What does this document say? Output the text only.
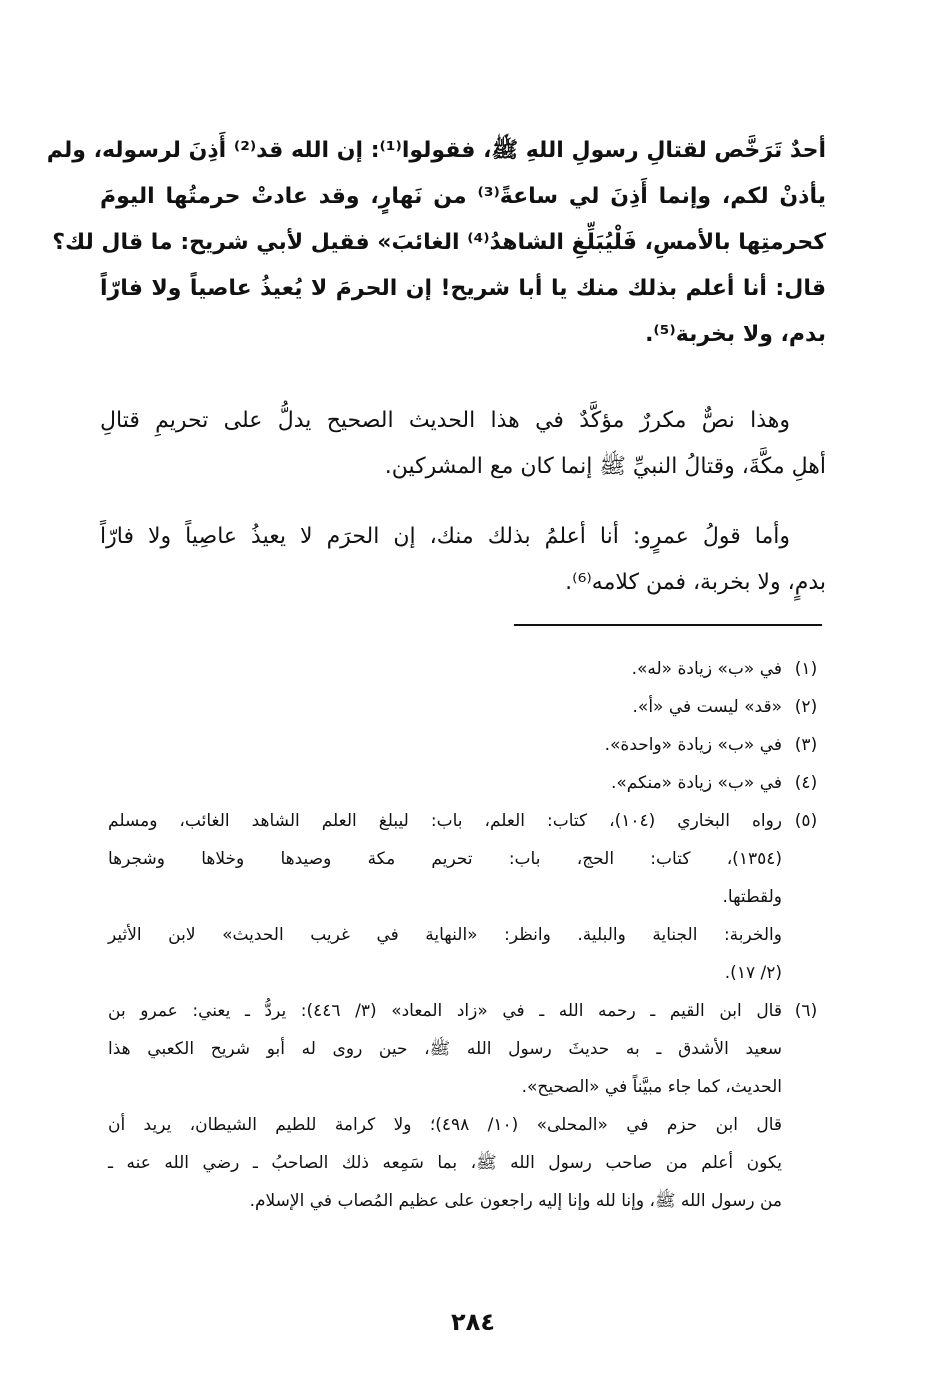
أحدٌ تَرَخَّص لقتالِ رسولِ اللهِ ﷺ، فقولوا⁽¹⁾: إن الله قد⁽²⁾ أَذِنَ لرسوله، ولم
يأذنْ لكم، وإنما أَذِنَ لي ساعةً⁽³⁾ من نَهارٍ، وقد عادتْ حرمتُها اليومَ
كحرمتِها بالأمسِ، فَلْيُبَلِّغِ الشاهدُ⁽⁴⁾ الغائبَ» فقيل لأبي شريح: ما قال لك؟
قال: أنا أعلم بذلك منك يا أبا شريح! إن الحرمَ لا يُعيذُ عاصياً ولا فارّاً
بدم، ولا بخربة⁽⁵⁾.
وهذا نصٌّ مكررٌ مؤكَّدٌ في هذا الحديث الصحيح يدلُّ على تحريمِ قتالِ
أهلِ مكَّةَ، وقتالُ النبيِّ ﷺ إنما كان مع المشركين.
وأما قولُ عمرٍو: أنا أعلمُ بذلك منك، إن الحرَم لا يعيذُ عاصِياً ولا فارّاً
بدمٍ، ولا بخربة، فمن كلامه⁽⁶⁾.
(١)
في «ب» زيادة «له».
(٢)
«قد» ليست في «أ».
(٣)
في «ب» زيادة «واحدة».
(٤)
في «ب» زيادة «منكم».
(٥)
رواه البخاري (١٠٤)، كتاب: العلم، باب: ليبلغ العلم الشاهد الغائب، ومسلم
(١٣٥٤)، كتاب: الحج، باب: تحريم مكة وصيدها وخلاها وشجرها
ولقطتها.
والخربة: الجناية والبلية. وانظر: «النهاية في غريب الحديث» لابن الأثير
(٢/ ١٧).
(٦)
قال ابن القيم ـ رحمه الله ـ في «زاد المعاد» (٣/ ٤٤٦): يردُّ ـ يعني: عمرو بن
سعيد الأشدق ـ به حديثَ رسول الله ﷺ، حين روى له أبو شريح الكعبي هذا
الحديث، كما جاء مبيَّناً في «الصحيح».
قال ابن حزم في «المحلى» (١٠/ ٤٩٨)؛ ولا كرامة للطيم الشيطان، يريد أن
يكون أعلم من صاحب رسول الله ﷺ، بما سَمِعه ذلك الصاحبُ ـ رضي الله عنه ـ
من رسول الله ﷺ، وإنا لله وإنا إليه راجعون على عظيم المُصاب في الإسلام.
٢٨٤
